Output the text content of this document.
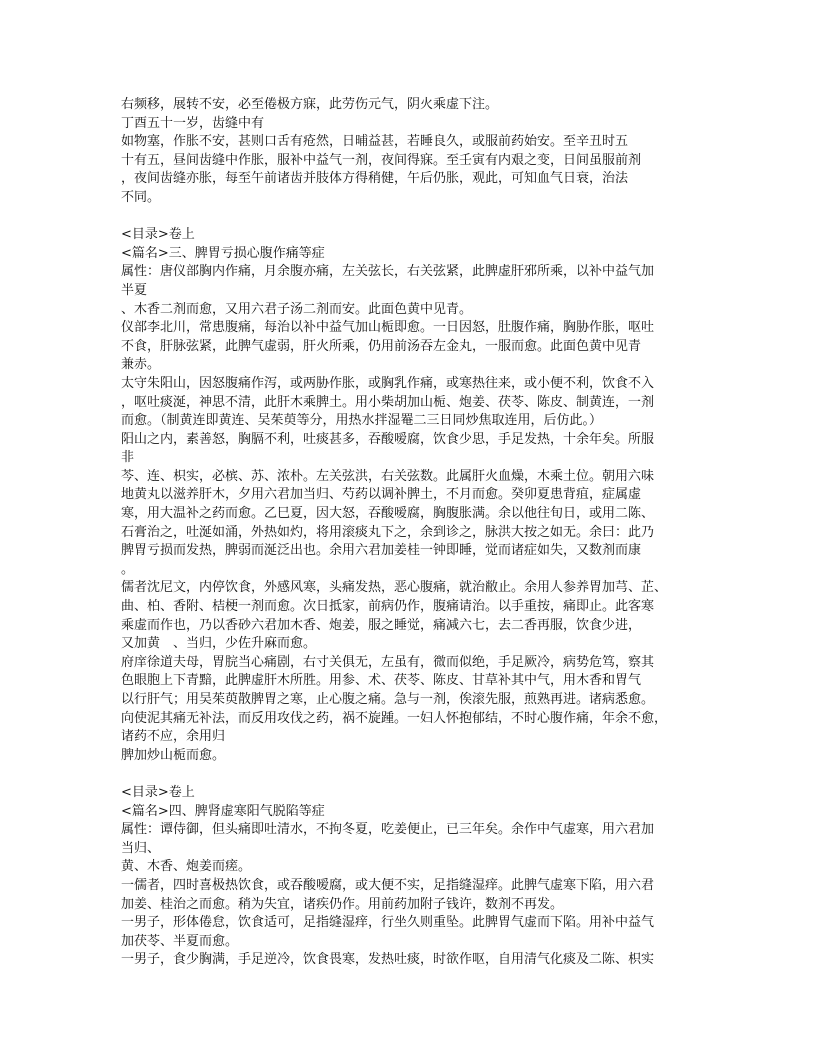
右频移，展转不安，必至倦极方寐，此劳伤元气，阴火乘虚下注。
丁酉五十一岁，齿缝中有
如物塞，作胀不安，甚则口舌有疮然，日晡益甚，若睡良久，或服前药始安。至辛丑时五
十有五，昼间齿缝中作胀，服补中益气一剂，夜间得寐。至壬寅有内艰之变，日间虽服前剂
，夜间齿缝亦胀，每至午前诸齿并肢体方得稍健，午后仍胀，观此，可知血气日衰，治法
不同。
<目录>卷上
<篇名>三、脾胃亏损心腹作痛等症
属性：唐仪部胸内作痛，月余腹亦痛，左关弦长，右关弦紧，此脾虚肝邪所乘，以补中益气加
半夏
、木香二剂而愈，又用六君子汤二剂而安。此面色黄中见青。
仪部李北川，常患腹痛，每治以补中益气加山栀即愈。一日因怒，肚腹作痛，胸胁作胀，呕吐
不食，肝脉弦紧，此脾气虚弱，肝火所乘，仍用前汤吞左金丸，一服而愈。此面色黄中见青
兼赤。
太守朱阳山，因怒腹痛作泻，或两胁作胀，或胸乳作痛，或寒热往来，或小便不利，饮食不入
，呕吐痰涎，神思不清，此肝木乘脾土。用小柴胡加山栀、炮姜、茯苓、陈皮、制黄连，一剂
而愈。（制黄连即黄连、吴茱萸等分，用热水拌湿罨二三日同炒焦取连用，后仿此。）
阳山之内，素善怒，胸膈不利，吐痰甚多，吞酸嗳腐，饮食少思，手足发热，十余年矣。所服
非
芩、连、枳实，必槟、苏、浓朴。左关弦洪，右关弦数。此属肝火血燥，木乘土位。朝用六味
地黄丸以滋养肝木，夕用六君加当归、芍药以调补脾土，不月而愈。癸卯夏患背疽，症属虚
寒，用大温补之药而愈。乙巳夏，因大怒，吞酸嗳腐，胸腹胀满。余以他往旬日，或用二陈、
石膏治之，吐涎如涌，外热如灼，将用滚痰丸下之，余到诊之，脉洪大按之如无。余曰：此乃
脾胃亏损而发热，脾弱而涎泛出也。余用六君加姜桂一钟即睡，觉而诸症如失，又数剂而康
。
儒者沈尼文，内停饮食，外感风寒，头痛发热，恶心腹痛，就治敝止。余用人参养胃加芎、芷、
曲、柏、香附、桔梗一剂而愈。次日抵家，前病仍作，腹痛请治。以手重按，痛即止。此客寒
乘虚而作也，乃以香砂六君加木香、炮姜，服之睡觉，痛减六七，去二香再服，饮食少进，
又加黄　、当归，少佐升麻而愈。
府庠徐道夫母，胃脘当心痛剧，右寸关俱无，左虽有，微而似绝，手足厥冷，病势危笃，察其
色眼胞上下青黯，此脾虚肝木所胜。用参、术、茯苓、陈皮、甘草补其中气，用木香和胃气
以行肝气；用吴茱萸散脾胃之寒，止心腹之痛。急与一剂，俟滚先服，煎熟再进。诸病悉愈。
向使泥其痛无补法，而反用攻伐之药，祸不旋踵。一妇人怀抱郁结，不时心腹作痛，年余不愈，
诸药不应，余用归
脾加炒山栀而愈。
<目录>卷上
<篇名>四、脾肾虚寒阳气脱陷等症
属性：谭侍御，但头痛即吐清水，不拘冬夏，吃姜便止，已三年矣。余作中气虚寒，用六君加
当归、
黄、木香、炮姜而瘥。
一儒者，四时喜极热饮食，或吞酸嗳腐，或大便不实，足指缝湿痒。此脾气虚寒下陷，用六君
加姜、桂治之而愈。稍为失宜，诸疾仍作。用前药加附子钱许，数剂不再发。
一男子，形体倦怠，饮食适可，足指缝湿痒，行坐久则重坠。此脾胃气虚而下陷。用补中益气
加茯苓、半夏而愈。
一男子，食少胸满，手足逆冷，饮食畏寒，发热吐痰，时欲作呕，自用清气化痰及二陈、枳实
